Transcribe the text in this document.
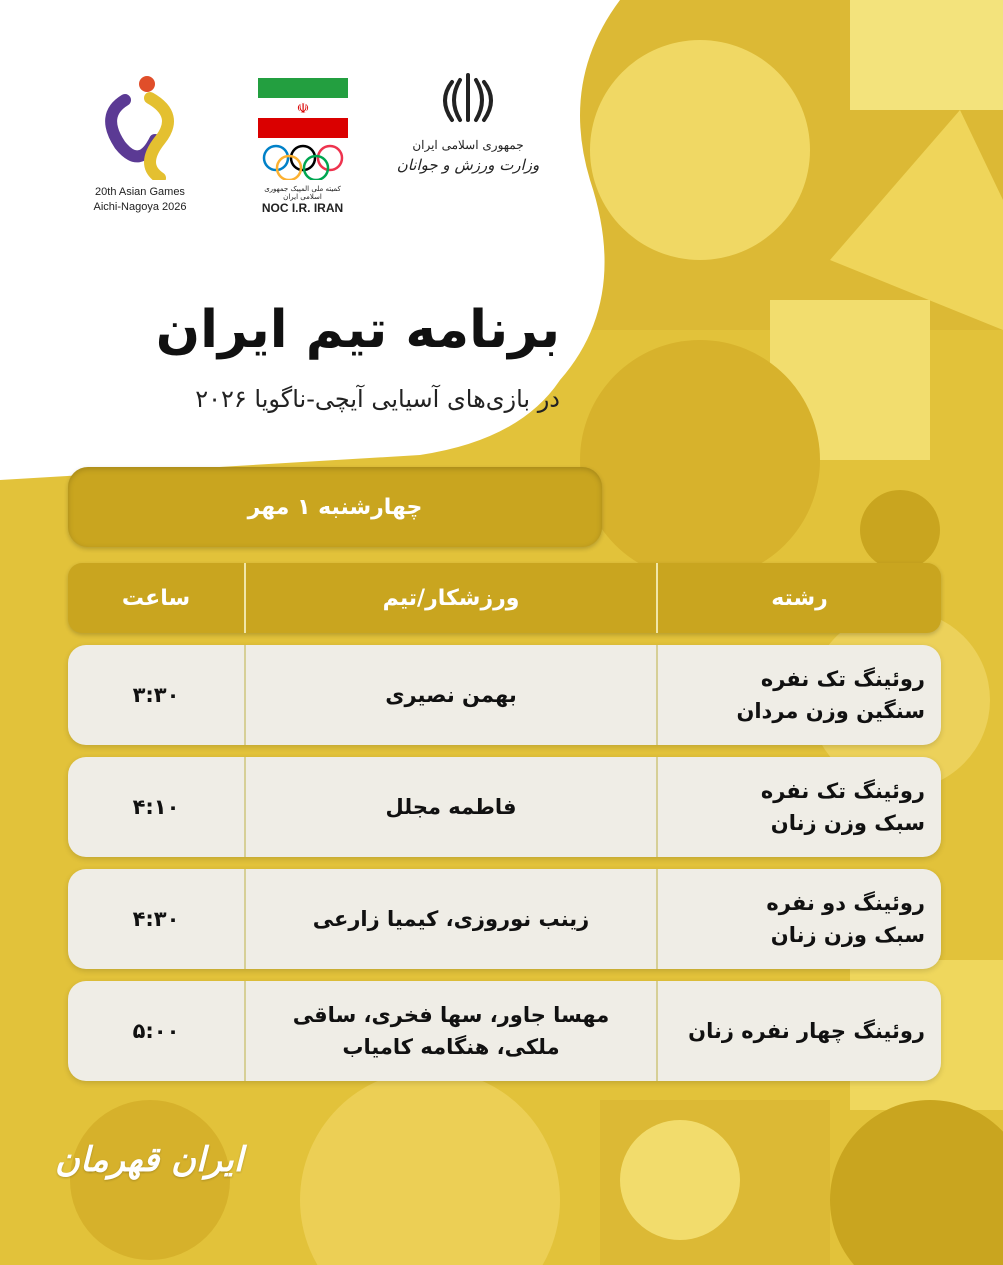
20th Asian Games
Aichi-Nagoya 2026
☫
کمیته ملی المپیک جمهوری اسلامی ایران
NOC I.R. IRAN
جمهوری اسلامی ایران
وزارت ورزش و جوانان
برنامه تیم ایران
در بازی‌های آسیایی آیچی-ناگویا ۲۰۲۶
چهارشنبه ۱ مهر
رشته
ورزشکار/تیم
ساعت
روئینگ تک نفره
سنگین وزن مردان
بهمن نصیری
۳:۳۰
روئینگ تک نفره
سبک وزن زنان
فاطمه مجلل
۴:۱۰
روئینگ دو نفره
سبک وزن زنان
زینب نوروزی، کیمیا زارعی
۴:۳۰
روئینگ چهار نفره زنان
مهسا جاور، سها فخری، ساقی
ملکی، هنگامه کامیاب
۵:۰۰
ایران قهرمان
